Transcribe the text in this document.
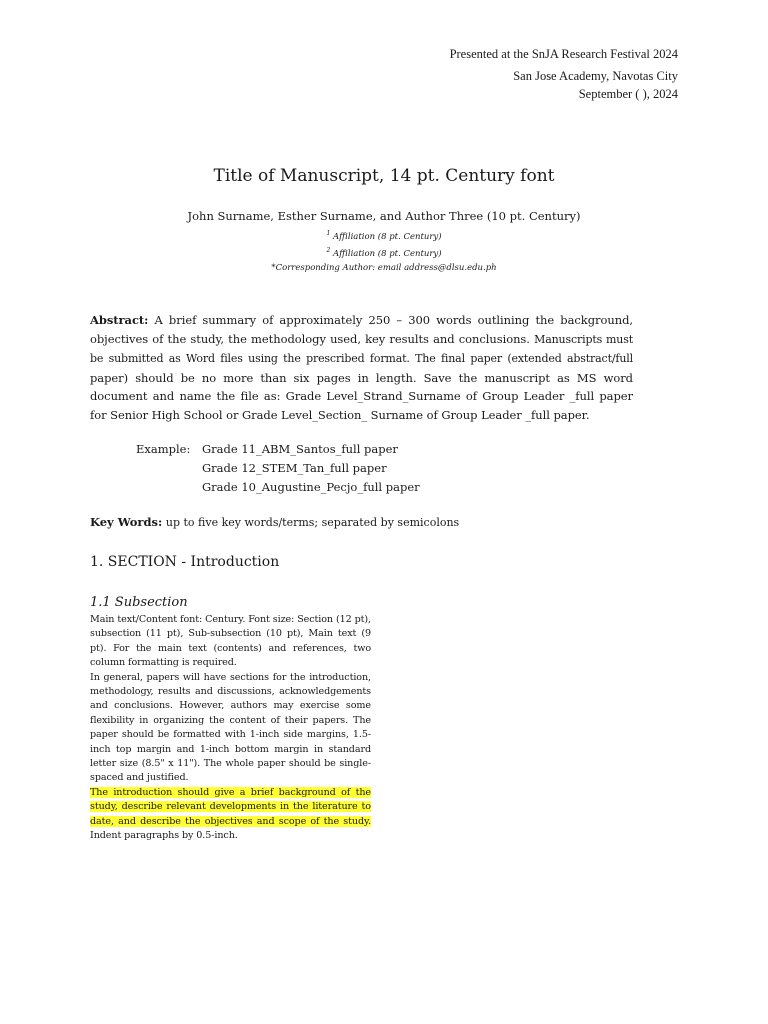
Presented at the SnJA Research Festival 2024
San Jose Academy, Navotas City
September ( ), 2024
Title of Manuscript, 14 pt. Century font
John Surname, Esther Surname, and Author Three (10 pt. Century)
$^1$ Affiliation (8 pt. Century)
$^2$ Affiliation (8 pt. Century)
*Corresponding Author: email address@dlsu.edu.ph
Abstract: A brief summary of approximately 250 – 300 words outlining the background, objectives of the study, the methodology used, key results and conclusions. Manuscripts must be submitted as Word files using the prescribed format. The final paper (extended abstract/full paper) should be no more than six pages in length. Save the manuscript as MS word document and name the file as: Grade Level_Strand_Surname of Group Leader _full paper for Senior High School or Grade Level_Section_ Surname of Group Leader _full paper.
Example: Grade 11_ABM_Santos_full paper
Grade 12_STEM_Tan_full paper
Grade 10_Augustine_Pecjo_full paper
Key Words: up to five key words/terms; separated by semicolons
1. SECTION - Introduction
1.1 Subsection

Main text/Content font: Century. Font size: Section (12 pt), subsection (11 pt), Sub-subsection (10 pt), Main text (9 pt). For the main text (contents) and references, two column formatting is required.

In general, papers will have sections for the introduction, methodology, results and discussions, acknowledgements and conclusions. However, authors may exercise some flexibility in organizing the content of their papers. The paper should be formatted with 1-inch side margins, 1.5-inch top margin and 1-inch bottom margin in standard letter size (8.5" x 11"). The whole paper should be single-spaced and justified.

The introduction should give a brief background of the study, describe relevant developments in the literature to date, and describe the objectives and scope of the study. Indent paragraphs by 0.5-inch.
